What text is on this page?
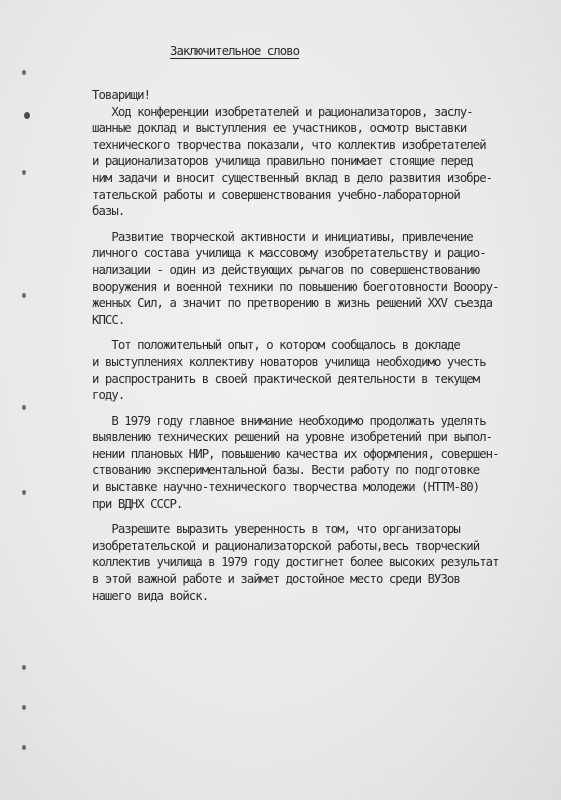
Заключительное слово
Товарищи!
Ход конференции изобретателей и рационализаторов, заслу-
шанные доклад и выступления ее участников, осмотр выставки
технического творчества показали, что коллектив изобретателей
и рационализаторов училища правильно понимает стоящие перед
ним задачи и вносит существенный вклад в дело развития изобре-
тательской работы и совершенствования учебно-лабораторной
базы.
Развитие творческой активности и инициативы, привлечение
личного состава училища к массовому изобретательству и рацио-
нализации - один из действующих рычагов по совершенствованию
вооружения и военной техники по повышению боеготовности Вооору-
женных Сил, а значит по претворению в жизнь решений XXV съезда
КПСС.
Тот положительный опыт, о котором сообщалось в докладе
и выступлениях коллективу новаторов училища необходимо учесть
и распространить в своей практической деятельности в текущем
году.
В 1979 году главное внимание необходимо продолжать уделять
выявлению технических решений на уровне изобретений при выпол-
нении плановых НИР, повышению качества их оформления, совершен-
ствованию экспериментальной базы. Вести работу по подготовке
и выставке научно-технического творчества молодежи (НТТМ-80)
при ВДНХ СССР.
Разрешите выразить уверенность в том, что организаторы
изобретательской и рационализаторской работы,весь творческий
коллектив училища в 1979 году достигнет более высоких результат
в этой важной работе и займет достойное место среди ВУЗов
нашего вида войск.
